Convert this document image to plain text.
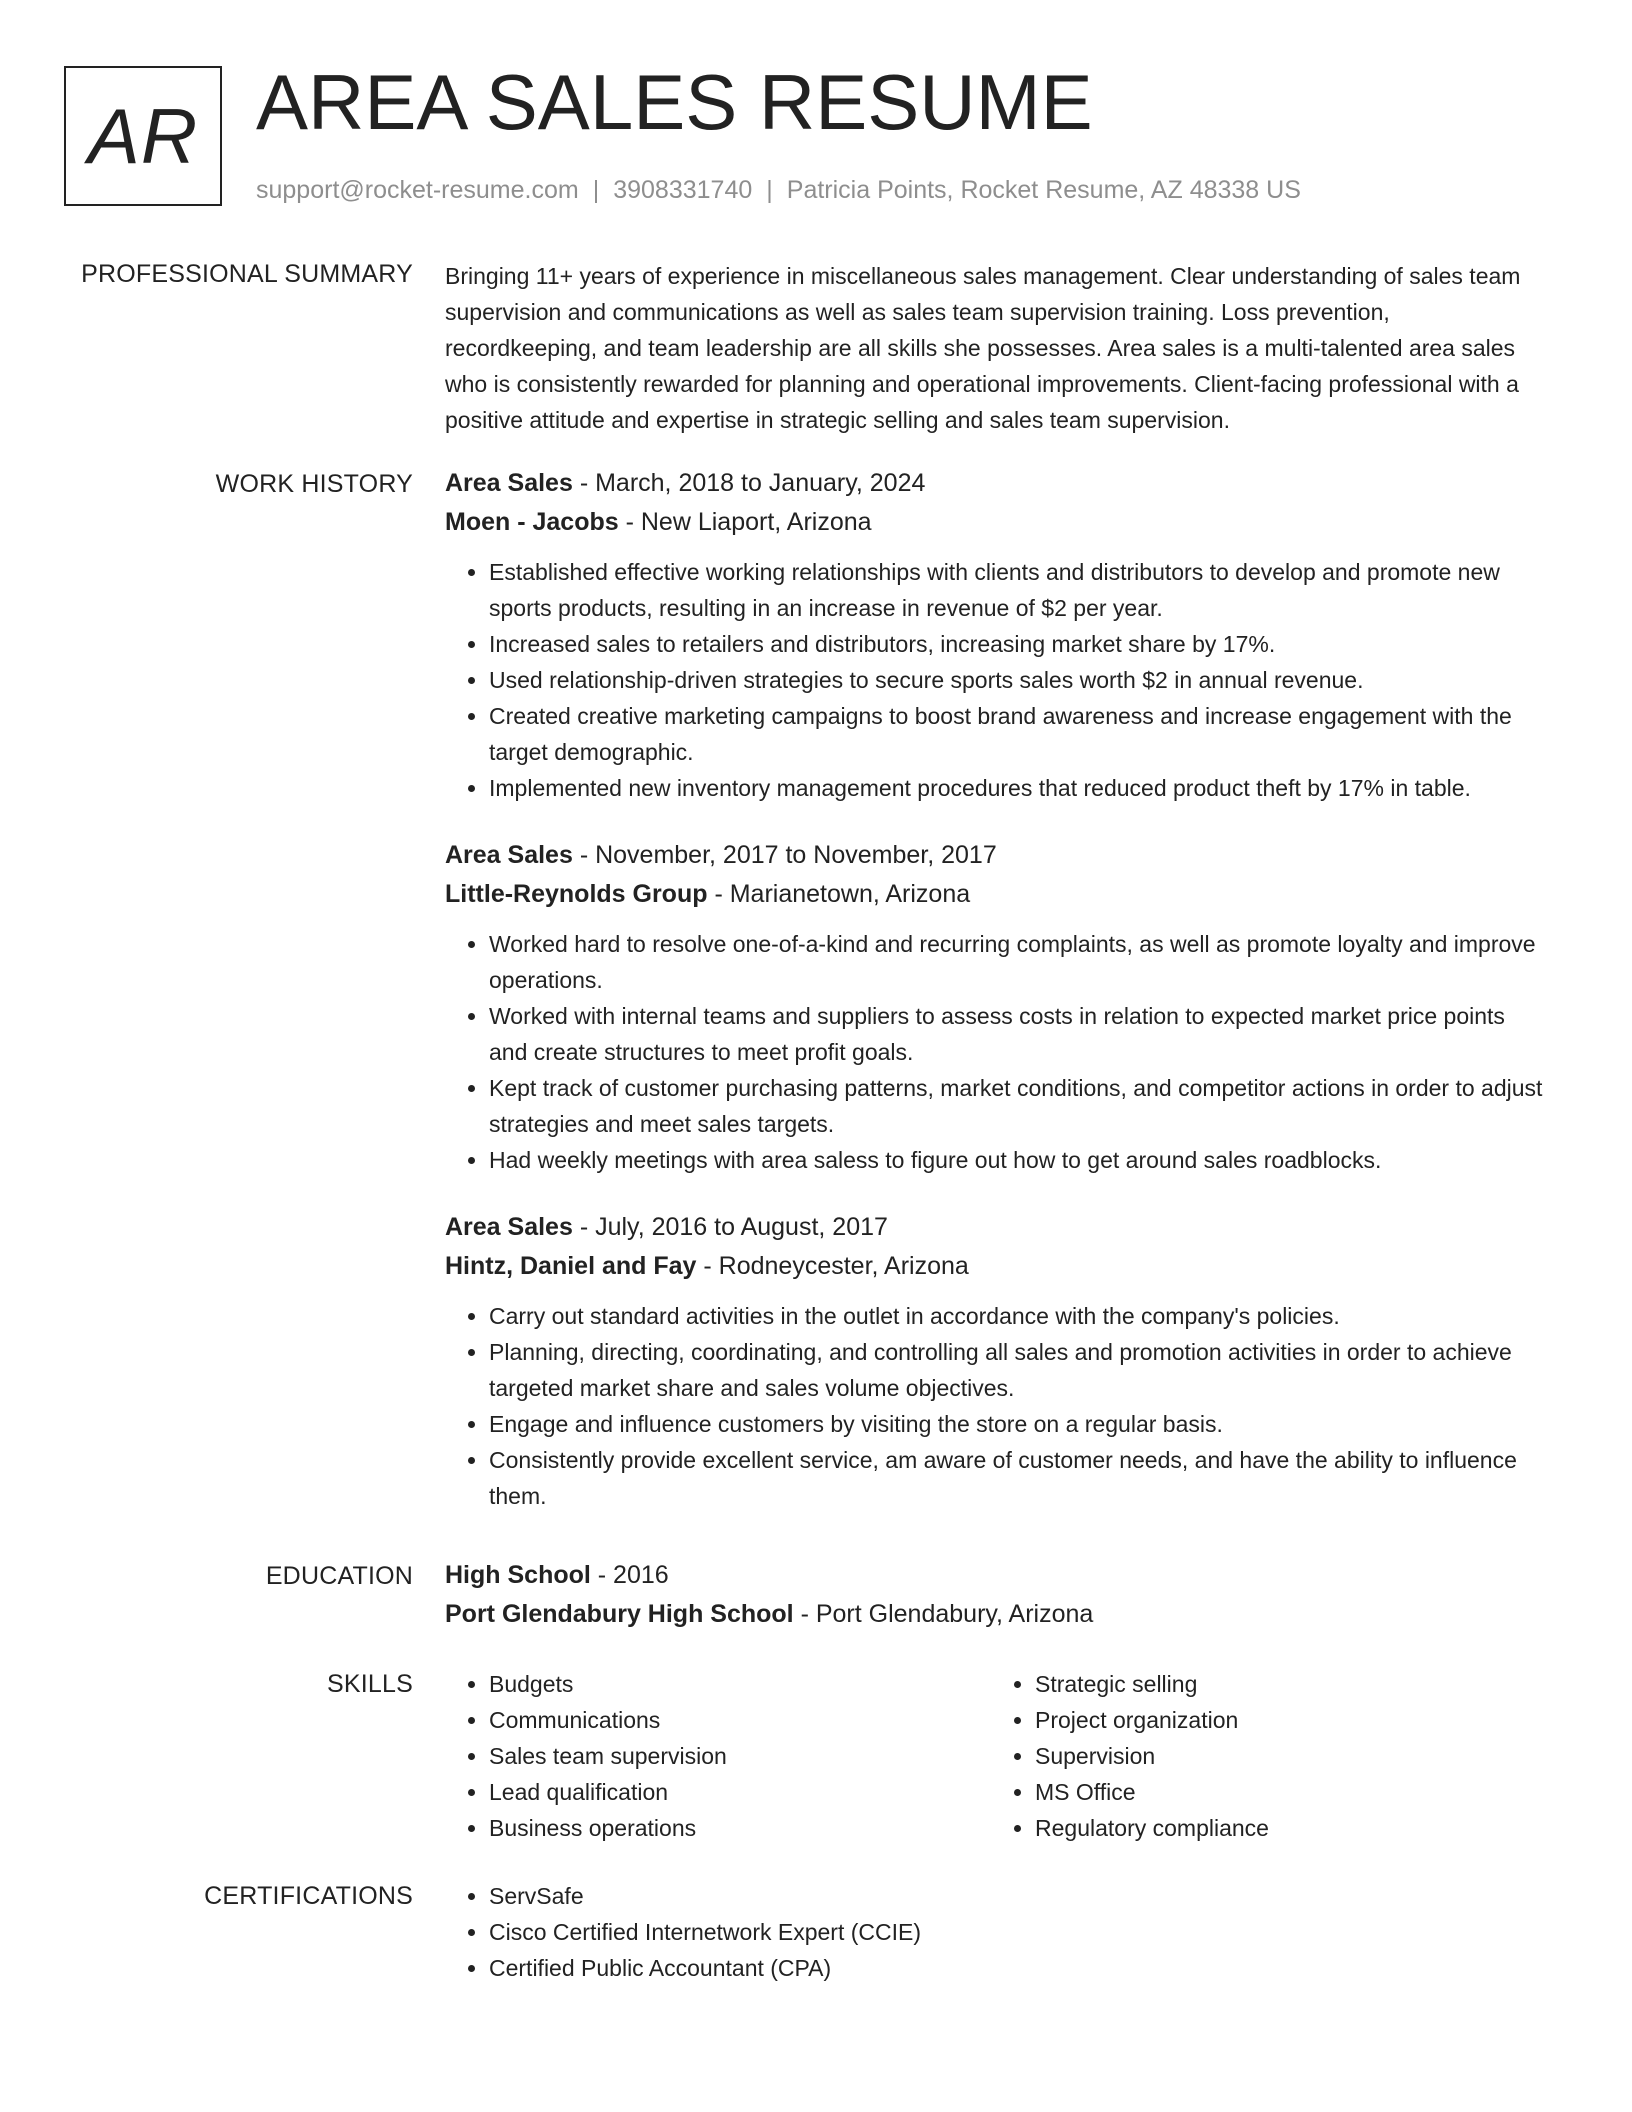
AR AREA SALES RESUME
support@rocket-resume.com | 3908331740 | Patricia Points, Rocket Resume, AZ 48338 US
PROFESSIONAL SUMMARY Bringing 11+ years of experience in miscellaneous sales management. Clear understanding of sales team supervision and communications as well as sales team supervision training. Loss prevention, recordkeeping, and team leadership are all skills she possesses. Area sales is a multi-talented area sales who is consistently rewarded for planning and operational improvements. Client-facing professional with a positive attitude and expertise in strategic selling and sales team supervision.

WORK HISTORY Area Sales - March, 2018 to January, 2024
Moen - Jacobs - New Liaport, Arizona
• Established effective working relationships with clients and distributors to develop and promote new sports products, resulting in an increase in revenue of $2 per year.
• Increased sales to retailers and distributors, increasing market share by 17%.
• Used relationship-driven strategies to secure sports sales worth $2 in annual revenue.
• Created creative marketing campaigns to boost brand awareness and increase engagement with the target demographic.
• Implemented new inventory management procedures that reduced product theft by 17% in table.
Area Sales - November, 2017 to November, 2017
Little-Reynolds Group - Marianetown, Arizona
• Worked hard to resolve one-of-a-kind and recurring complaints, as well as promote loyalty and improve operations.
• Worked with internal teams and suppliers to assess costs in relation to expected market price points and create structures to meet profit goals.
• Kept track of customer purchasing patterns, market conditions, and competitor actions in order to adjust strategies and meet sales targets.
• Had weekly meetings with area saless to figure out how to get around sales roadblocks.
Area Sales - July, 2016 to August, 2017
Hintz, Daniel and Fay - Rodneycester, Arizona
• Carry out standard activities in the outlet in accordance with the company's policies.
• Planning, directing, coordinating, and controlling all sales and promotion activities in order to achieve targeted market share and sales volume objectives.
• Engage and influence customers by visiting the store on a regular basis.
• Consistently provide excellent service, am aware of customer needs, and have the ability to influence them.
EDUCATION High School - 2016
Port Glendabury High School - Port Glendabury, Arizona
SKILLS	• Budgets
• Communications
• Sales team supervision
• Lead qualification
• Business operations
• Strategic selling
• Project organization
• Supervision
• MS Office
• Regulatory compliance
CERTIFICATIONS	• ServSafe
• Cisco Certified Internetwork Expert (CCIE)
• Certified Public Accountant (CPA)
